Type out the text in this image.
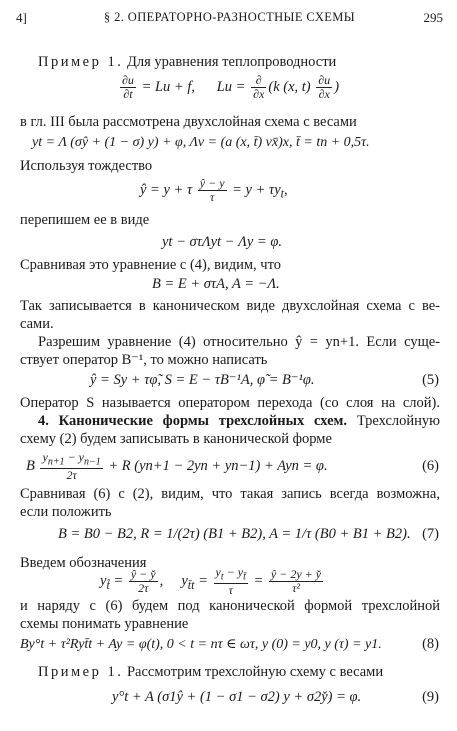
4]	§ 2. ОПЕРАТОРНО-РАЗНОСТНЫЕ СХЕМЫ	295
Пример 1. Для уравнения теплопроводности
$\frac{\partial u}{\partial t} = Lu + f$, $Lu = \frac{\partial}{\partial x} (k$ (x, $t) \frac{\partial u}{\partial x}$ )
в гл. III была рассмотрена двухслойная схема с весами
yt = Λ (σŷ + (1 − σ) y) + φ, Λv = (a (x, t̄) vx̄)x, t̄ = tn + 0,5τ.
Используя тождество
ŷ = y + τ $\frac{ŷ - y}{\tau} = y + \tau y_t$,
перепишем ее в виде
yt − στΛyt − Λy = φ.
Сравнивая это уравнение с (4), видим, что
B = E + στA, A = −Λ.
Так записывается в каноническом виде двухслойная схема с ве-
сами.
Разрешим уравнение (4) относительно ŷ = yn+1. Если суще-
ствует оператор B⁻¹, то можно написать
ŷ = Sy + τφ̃, S = E − τB⁻¹A, φ̃ = B⁻¹φ.	(5)
Оператор S называется оператором перехода (со слоя на слой).
4. Канонические формы трехслойных схем. Трехслойную
схему (2) будем записывать в канонической форме
B $\frac{y_{n+1} - y_{n-1}}{2\tau} + R$ (yn+1 − 2yn + yn−1) + Ayn = φ.	(6)
Сравнивая (6) с (2), видим, что такая запись всегда возможна,
если положить
B = B0 − B2, R = 1/(2τ) (B1 + B2), A = 1/τ (B0 + B1 + B2). (7)
Введем обозначения
$y_{t̊} = \frac{ŷ - y̌}{2\tau}$ ,     $y_{t̄t} = \frac{y_t - y_{t̄}}{\tau} = \frac{ŷ - 2y + y̌}{\text{τ²}}$
и наряду с (6) будем под канонической формой трехслойной
схемы понимать уравнение
By°t + τ²Ryt̄t + Ay = φ(t), 0 < t = nτ ∈ ωτ, y (0) = y0, y (τ) = y1.	(8)
Пример 1. Рассмотрим трехслойную схему с весами
y°t + A (σ1ŷ + (1 − σ1 − σ2) y + σ2y̌) = φ.	(9)
